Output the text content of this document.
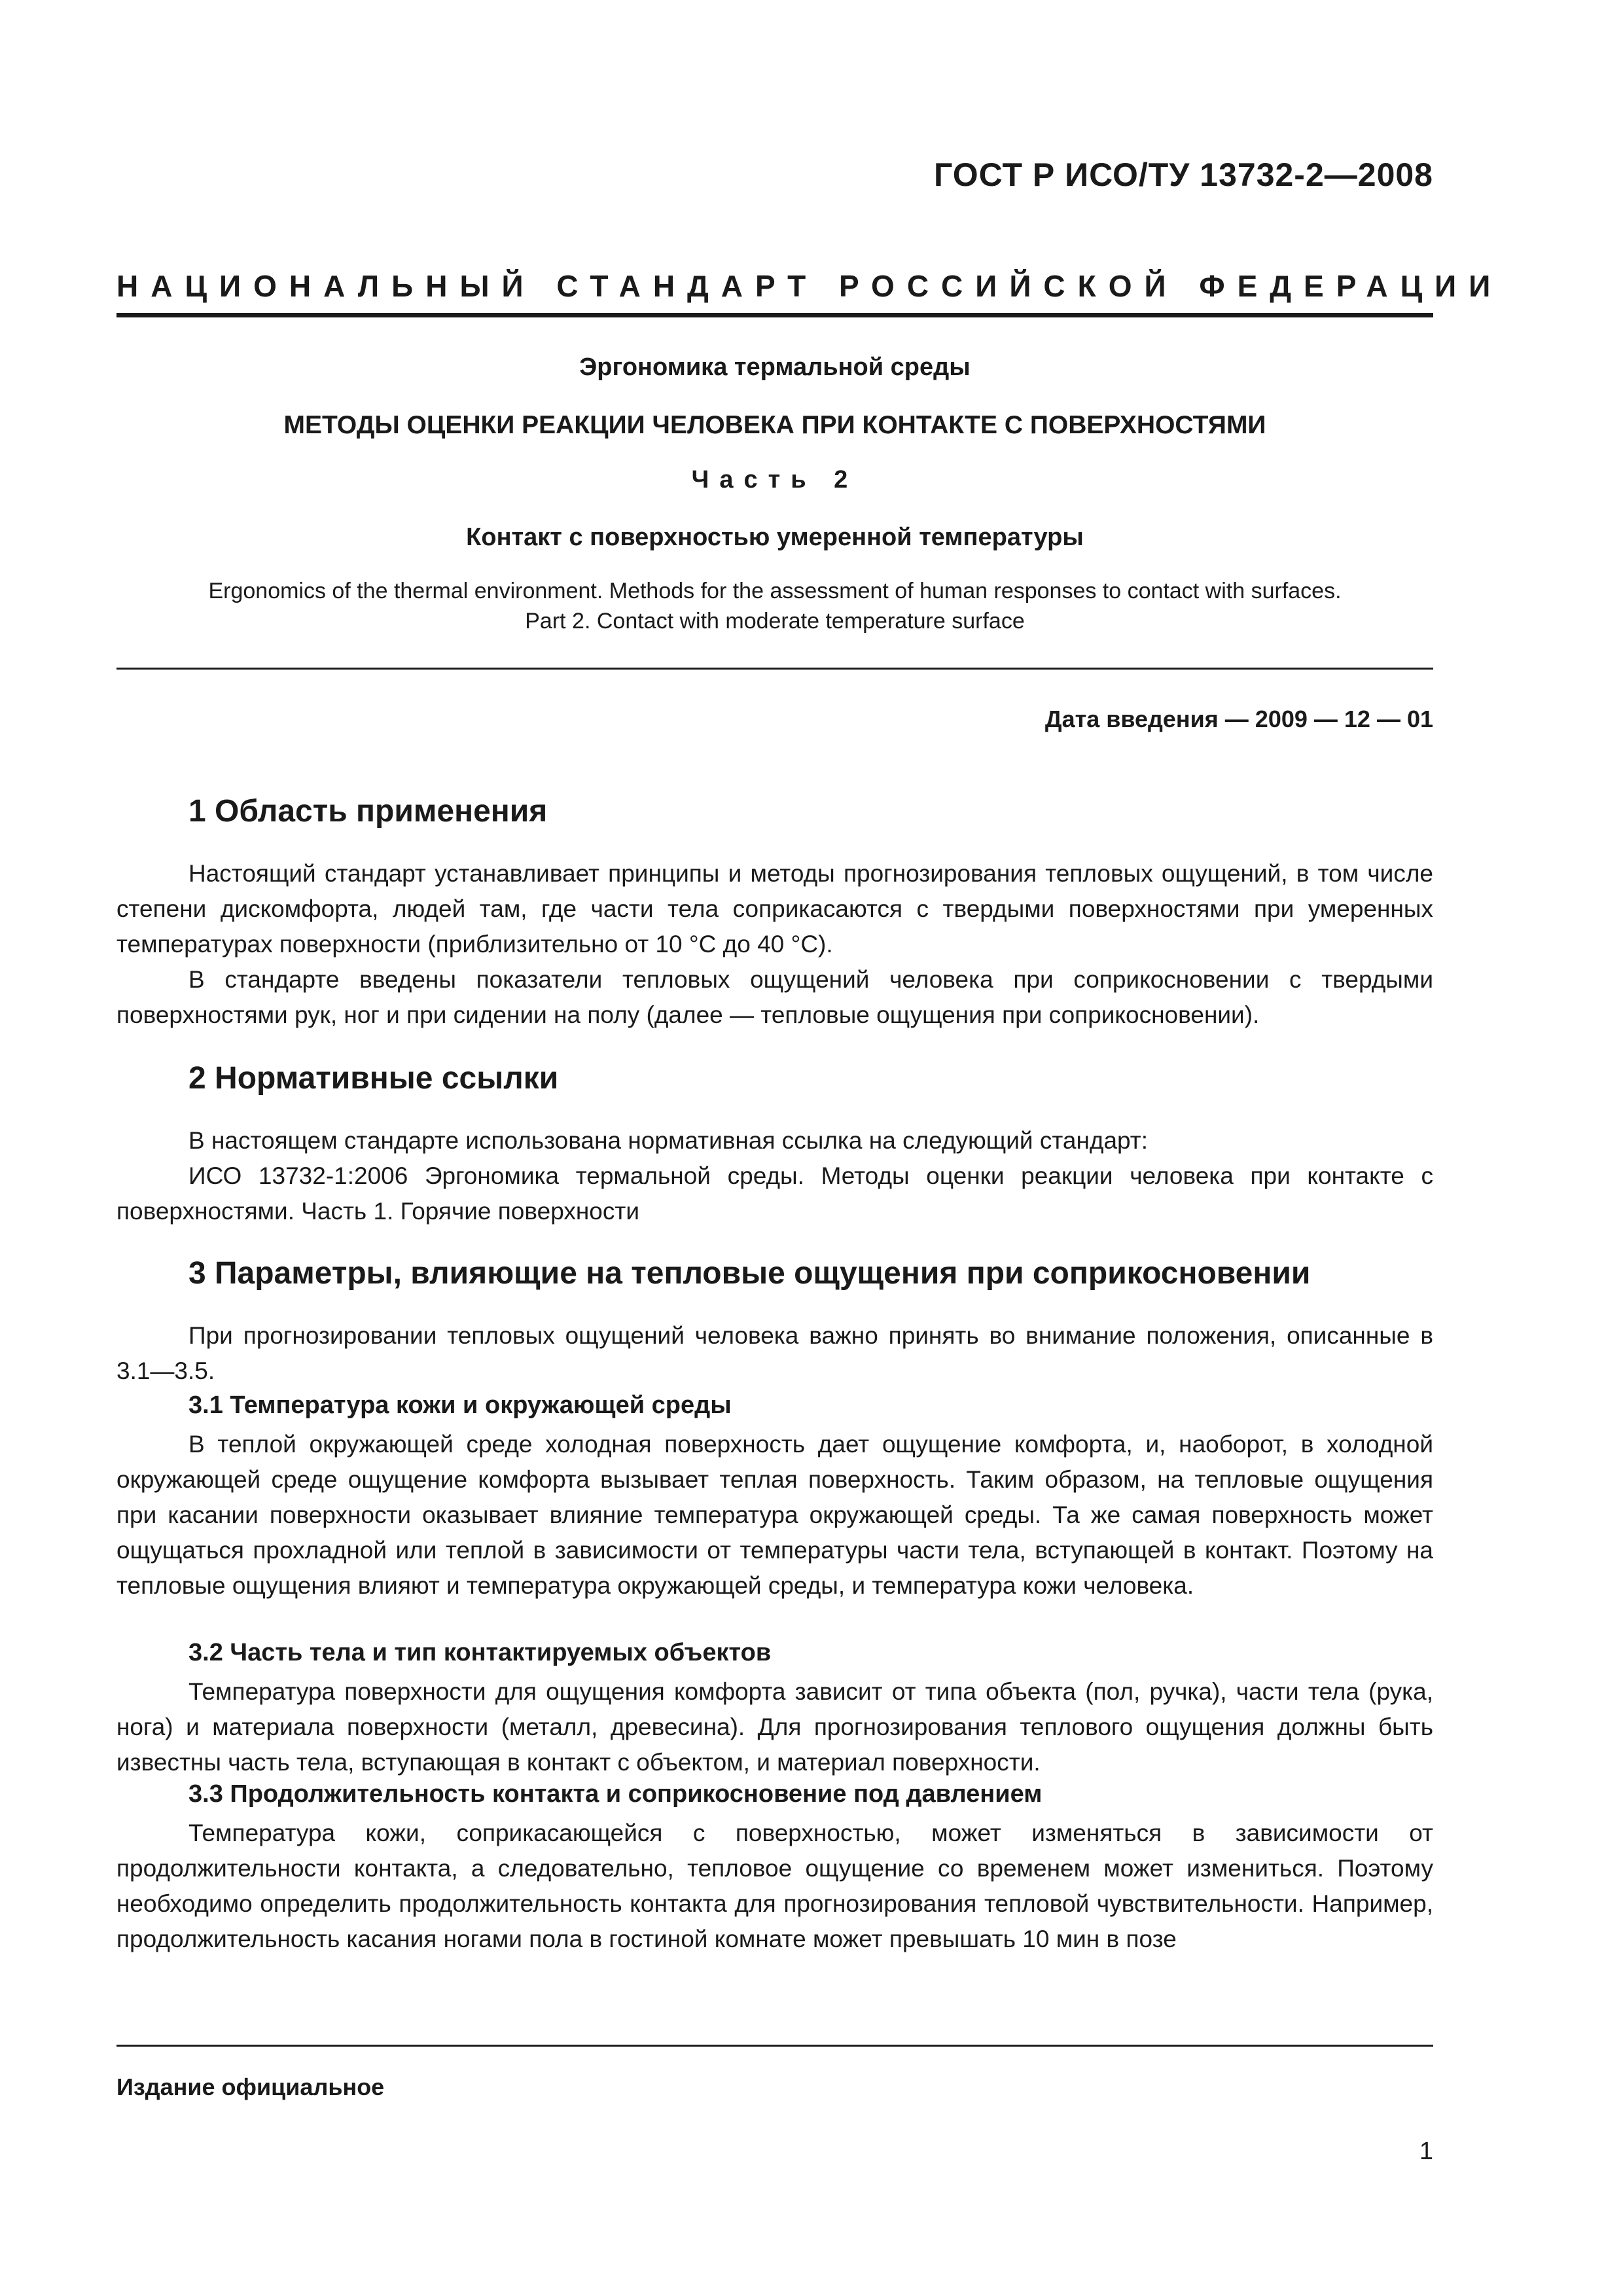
ГОСТ Р ИСО/ТУ 13732-2—2008
НАЦИОНАЛЬНЫЙ СТАНДАРТ РОССИЙСКОЙ ФЕДЕРАЦИИ
Эргономика термальной среды
МЕТОДЫ ОЦЕНКИ РЕАКЦИИ ЧЕЛОВЕКА ПРИ КОНТАКТЕ С ПОВЕРХНОСТЯМИ
Часть 2
Контакт с поверхностью умеренной температуры
Ergonomics of the thermal environment. Methods for the assessment of human responses to contact with surfaces.
Part 2. Contact with moderate temperature surface
Дата введения — 2009 — 12 — 01
1 Область применения

Настоящий стандарт устанавливает принципы и методы прогнозирования тепловых ощущений, в том числе степени дискомфорта, людей там, где части тела соприкасаются с твердыми поверхностями при умеренных температурах поверхности (приблизительно от 10 °С до 40 °С).

В стандарте введены показатели тепловых ощущений человека при соприкосновении с твердыми поверхностями рук, ног и при сидении на полу (далее — тепловые ощущения при соприкосновении).

2 Нормативные ссылки

В настоящем стандарте использована нормативная ссылка на следующий стандарт:

ИСО 13732-1:2006 Эргономика термальной среды. Методы оценки реакции человека при контакте с поверхностями. Часть 1. Горячие поверхности

3 Параметры, влияющие на тепловые ощущения при соприкосновении

При прогнозировании тепловых ощущений человека важно принять во внимание положения, описанные в 3.1—3.5.

3.1 Температура кожи и окружающей среды

В теплой окружающей среде холодная поверхность дает ощущение комфорта, и, наоборот, в холодной окружающей среде ощущение комфорта вызывает теплая поверхность. Таким образом, на тепловые ощущения при касании поверхности оказывает влияние температура окружающей среды. Та же самая поверхность может ощущаться прохладной или теплой в зависимости от температуры части тела, вступающей в контакт. Поэтому на тепловые ощущения влияют и температура окружающей среды, и температура кожи человека.

3.2 Часть тела и тип контактируемых объектов

Температура поверхности для ощущения комфорта зависит от типа объекта (пол, ручка), части тела (рука, нога) и материала поверхности (металл, древесина). Для прогнозирования теплового ощущения должны быть известны часть тела, вступающая в контакт с объектом, и материал поверхности.

3.3 Продолжительность контакта и соприкосновение под давлением

Температура кожи, соприкасающейся с поверхностью, может изменяться в зависимости от продолжительности контакта, а следовательно, тепловое ощущение со временем может измениться. Поэтому необходимо определить продолжительность контакта для прогнозирования тепловой чувствительности. Например, продолжительность касания ногами пола в гостиной комнате может превышать 10 мин в позе

Издание официальное
1
